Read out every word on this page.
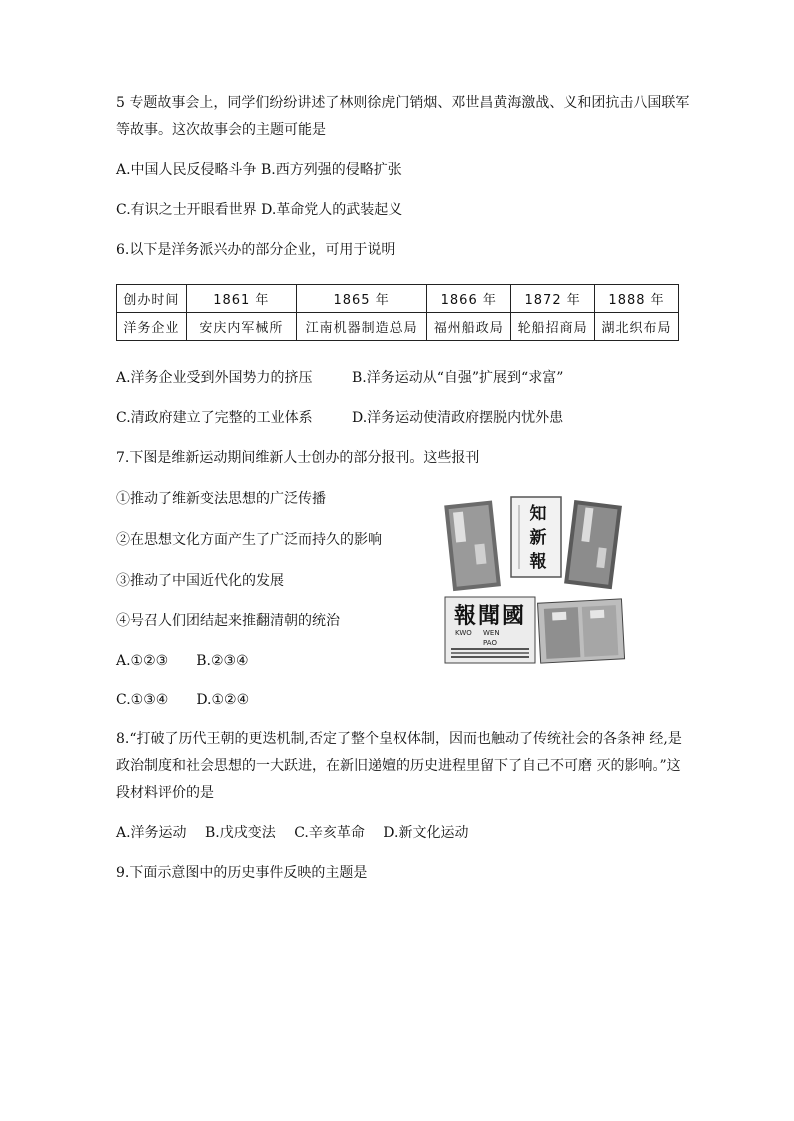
5 专题故事会上，同学们纷纷讲述了林则徐虎门销烟、邓世昌黄海激战、义和团抗击八国联军
等故事。这次故事会的主题可能是
A.中国人民反侵略斗争 B.西方列强的侵略扩张
C.有识之士开眼看世界 D.革命党人的武装起义
6.以下是洋务派兴办的部分企业，可用于说明
创办时间	1861 年	1865 年	1866 年	1872 年	1888 年
洋务企业	安庆内军械所	江南机器制造总局	福州船政局	轮船招商局	湖北织布局
A.洋务企业受到外国势力的挤压	B.洋务运动从“自强”扩展到“求富”
C.清政府建立了完整的工业体系	D.洋务运动使清政府摆脱内忧外患
7.下图是维新运动期间维新人士创办的部分报刊。这些报刊
①推动了维新变法思想的广泛传播
②在思想文化方面产生了广泛而持久的影响
③推动了中国近代化的发展
④号召人们团结起来推翻清朝的统治
A.①②③　　B.②③④
C.①③④　　D.①②④
知
新
報
報聞國
KWO WEN
PAO
8.“打破了历代王朝的更迭机制,否定了整个皇权体制，因而也触动了传统社会的各条神 经,是
政治制度和社会思想的一大跃进，在新旧递嬗的历史进程里留下了自己不可磨 灭的影响。”这
段材料评价的是
A.洋务运动　 B.戊戌变法　 C.辛亥革命　 D.新文化运动
9.下面示意图中的历史事件反映的主题是
